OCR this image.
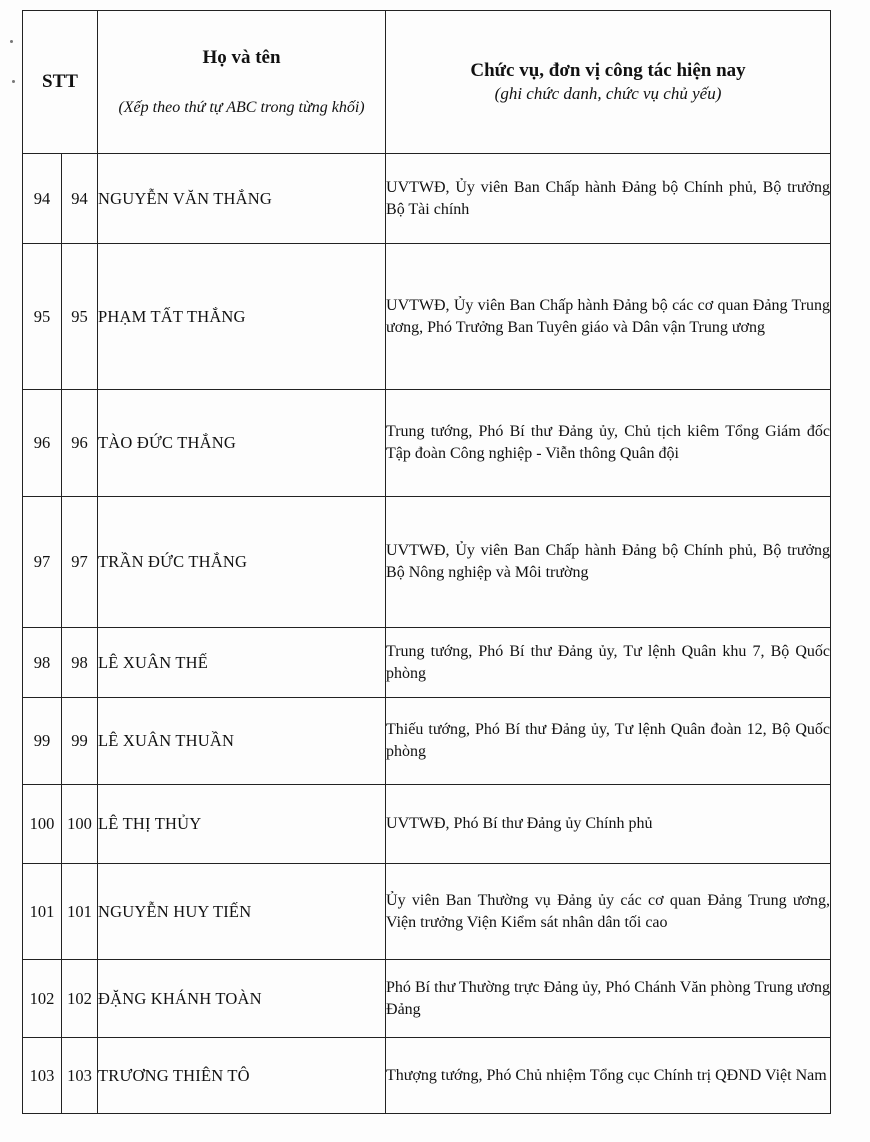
STT		Họ và tên
(Xếp theo thứ tự ABC trong từng khối)	Chức vụ, đơn vị công tác hiện nay
(ghi chức danh, chức vụ chủ yếu)

94	94	NGUYỄN VĂN THẮNG	UVTWĐ, Ủy viên Ban Chấp hành Đảng bộ Chính phủ, Bộ trưởng Bộ Tài chính
95	95	PHẠM TẤT THẮNG	UVTWĐ, Ủy viên Ban Chấp hành Đảng bộ các cơ quan Đảng Trung ương, Phó Trưởng Ban Tuyên giáo và Dân vận Trung ương
96	96	TÀO ĐỨC THẮNG	Trung tướng, Phó Bí thư Đảng ủy, Chủ tịch kiêm Tổng Giám đốc Tập đoàn Công nghiệp - Viễn thông Quân đội
97	97	TRẦN ĐỨC THẮNG	UVTWĐ, Ủy viên Ban Chấp hành Đảng bộ Chính phủ, Bộ trưởng Bộ Nông nghiệp và Môi trường
98	98	LÊ XUÂN THẾ	Trung tướng, Phó Bí thư Đảng ủy, Tư lệnh Quân khu 7, Bộ Quốc phòng
99	99	LÊ XUÂN THUẦN	Thiếu tướng, Phó Bí thư Đảng ủy, Tư lệnh Quân đoàn 12, Bộ Quốc phòng
100	100	LÊ THỊ THỦY	UVTWĐ, Phó Bí thư Đảng ủy Chính phủ
101	101	NGUYỄN HUY TIẾN	Ủy viên Ban Thường vụ Đảng ủy các cơ quan Đảng Trung ương, Viện trưởng Viện Kiểm sát nhân dân tối cao
102	102	ĐẶNG KHÁNH TOÀN	Phó Bí thư Thường trực Đảng ủy, Phó Chánh Văn phòng Trung ương Đảng
103	103	TRƯƠNG THIÊN TÔ	Thượng tướng, Phó Chủ nhiệm Tổng cục Chính trị QĐND Việt Nam
